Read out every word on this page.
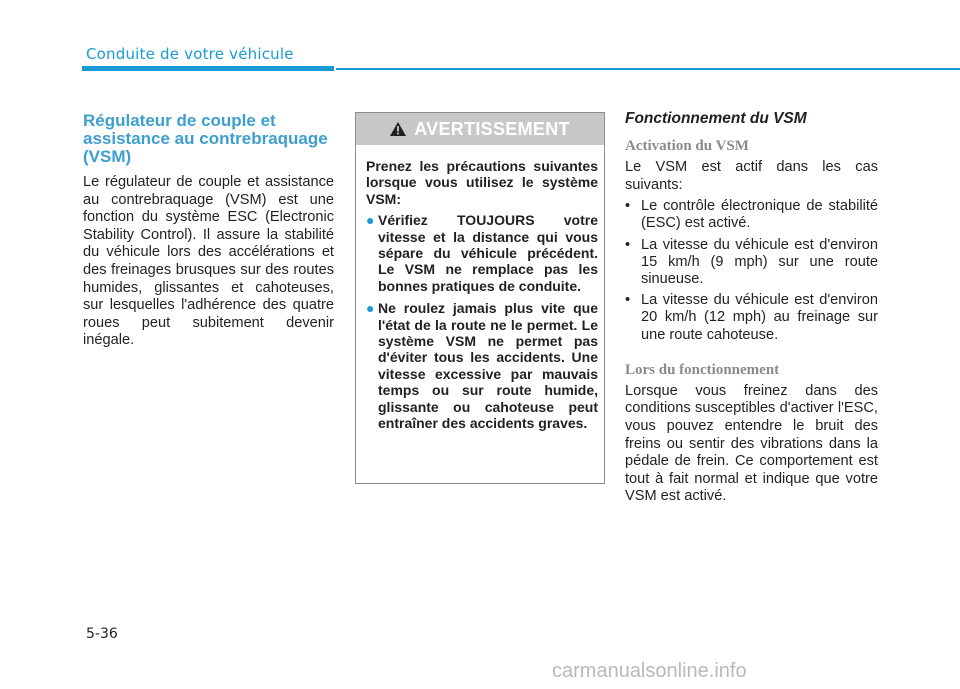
Conduite de votre véhicule
Régulateur de couple et assistance au contrebraquage (VSM)

Le régulateur de couple et assistance au contrebraquage (VSM) est une fonction du système ESC (Electronic Stability Control). Il assure la stabilité du véhicule lors des accélérations et des freinages brusques sur des routes humides, glissantes et cahoteuses, sur lesquelles l'adhérence des quatre roues peut subitement devenir inégale.

AVERTISSEMENT

Prenez les précautions suivantes lorsque vous utilisez le système VSM:

● Vérifiez TOUJOURS votre vitesse et la distance qui vous sépare du véhicule précédent. Le VSM ne remplace pas les bonnes pratiques de conduite.
● Ne roulez jamais plus vite que l'état de la route ne le permet. Le système VSM ne permet pas d'éviter tous les accidents. Une vitesse excessive par mauvais temps ou sur route humide, glissante ou cahoteuse peut entraîner des accidents graves.
Fonctionnement du VSM
Activation du VSM

Le VSM est actif dans les cas suivants:

• Le contrôle électronique de stabilité (ESC) est activé.
• La vitesse du véhicule est d'environ 15 km/h (9 mph) sur une route sinueuse.
• La vitesse du véhicule est d'environ 20 km/h (12 mph) au freinage sur une route cahoteuse.
Lors du fonctionnement

Lorsque vous freinez dans des conditions susceptibles d'activer l'ESC, vous pouvez entendre le bruit des freins ou sentir des vibrations dans la pédale de frein. Ce comportement est tout à fait normal et indique que votre VSM est activé.

5-36
carmanualsonline.info
